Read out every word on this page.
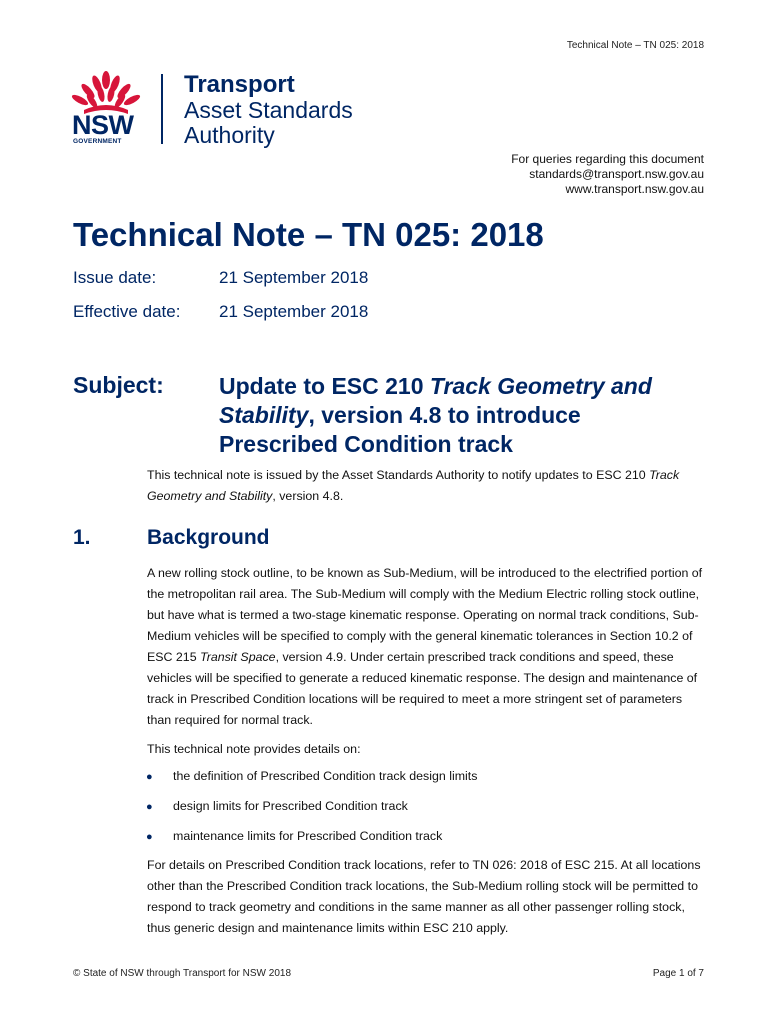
Technical Note – TN 025: 2018
NSW
GOVERNMENT
Transport
Asset Standards
Authority
For queries regarding this document
standards@transport.nsw.gov.au
www.transport.nsw.gov.au
Technical Note – TN 025: 2018
Issue date:	21 September 2018
Effective date: 21 September 2018
Subject: Update to ESC 210 Track Geometry and Stability, version 4.8 to introduce Prescribed Condition track
This technical note is issued by the Asset Standards Authority to notify updates to ESC 210 Track Geometry and Stability, version 4.8.
1.	Background
A new rolling stock outline, to be known as Sub-Medium, will be introduced to the electrified portion of the metropolitan rail area. The Sub-Medium will comply with the Medium Electric rolling stock outline, but have what is termed a two-stage kinematic response. Operating on normal track conditions, Sub-Medium vehicles will be specified to comply with the general kinematic tolerances in Section 10.2 of ESC 215 Transit Space, version 4.9. Under certain prescribed track conditions and speed, these vehicles will be specified to generate a reduced kinematic response. The design and maintenance of track in Prescribed Condition locations will be required to meet a more stringent set of parameters than required for normal track.
This technical note provides details on:
● the definition of Prescribed Condition track design limits
● design limits for Prescribed Condition track
● maintenance limits for Prescribed Condition track
For details on Prescribed Condition track locations, refer to TN 026: 2018 of ESC 215. At all locations other than the Prescribed Condition track locations, the Sub-Medium rolling stock will be permitted to respond to track geometry and conditions in the same manner as all other passenger rolling stock, thus generic design and maintenance limits within ESC 210 apply.
© State of NSW through Transport for NSW 2018	Page 1 of 7
